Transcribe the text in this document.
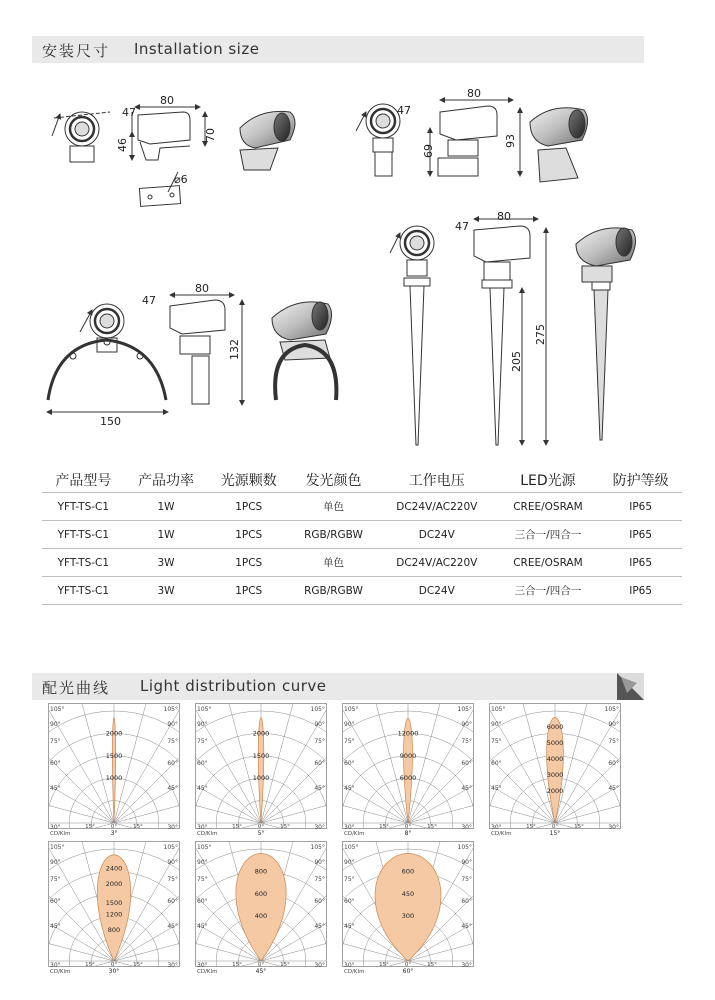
安装尺寸 Installation size
47
80
46
70
⌀6
47
80
69
93
47
80
205
275
47
80
132
150
产品型号	产品功率	光源颗数	发光颜色	工作电压	LED光源	防护等级
YFT-TS-C1	1W	1PCS	单色	DC24V/AC220V	CREE/OSRAM	IP65
YFT-TS-C1	1W	1PCS	RGB/RGBW	DC24V	三合一/四合一	IP65
YFT-TS-C1	3W	1PCS	单色	DC24V/AC220V	CREE/OSRAM	IP65
YFT-TS-C1	3W	1PCS	RGB/RGBW	DC24V	三合一/四合一	IP65
配光曲线 Light distribution curve
105°
90°
75°
60°
45°
30°	30°
45°
60°
75°
90°
105°
15°	0°	15°
1000
1500
2000
CD/Klm	3°
105°
90°
75°
60°
45°
30°	30°
45°
60°
75°
90°
105°
15°	0°	15°
1000
1500
2000
CD/Klm	5°
105°
90°
75°
60°
45°
30°	30°
45°
60°
75°
90°
105°
15°	0°	15°
6000
9000
12000
CD/Klm	8°
105°
90°
75°
60°
45°
30°	30°
45°
60°
75°
90°
105°
15°	0°	15°
2000
3000
4000
5000
6000
CD/Klm	15°
105°
90°
75°
60°
45°
30°	30°
45°
60°
75°
90°
105°
15°	0°	15°
800
1200
1500
2000
2400
CD/Klm	30°
105°
90°
75°
60°
45°
30°	30°
45°
60°
75°
90°
105°
15°	0°	15°
400
600
800
CD/Klm	45°
105°
90°
75°
60°
45°
30°	30°
45°
60°
75°
90°
105°
15°	0°	15°
300
450
600
CD/Klm	60°
